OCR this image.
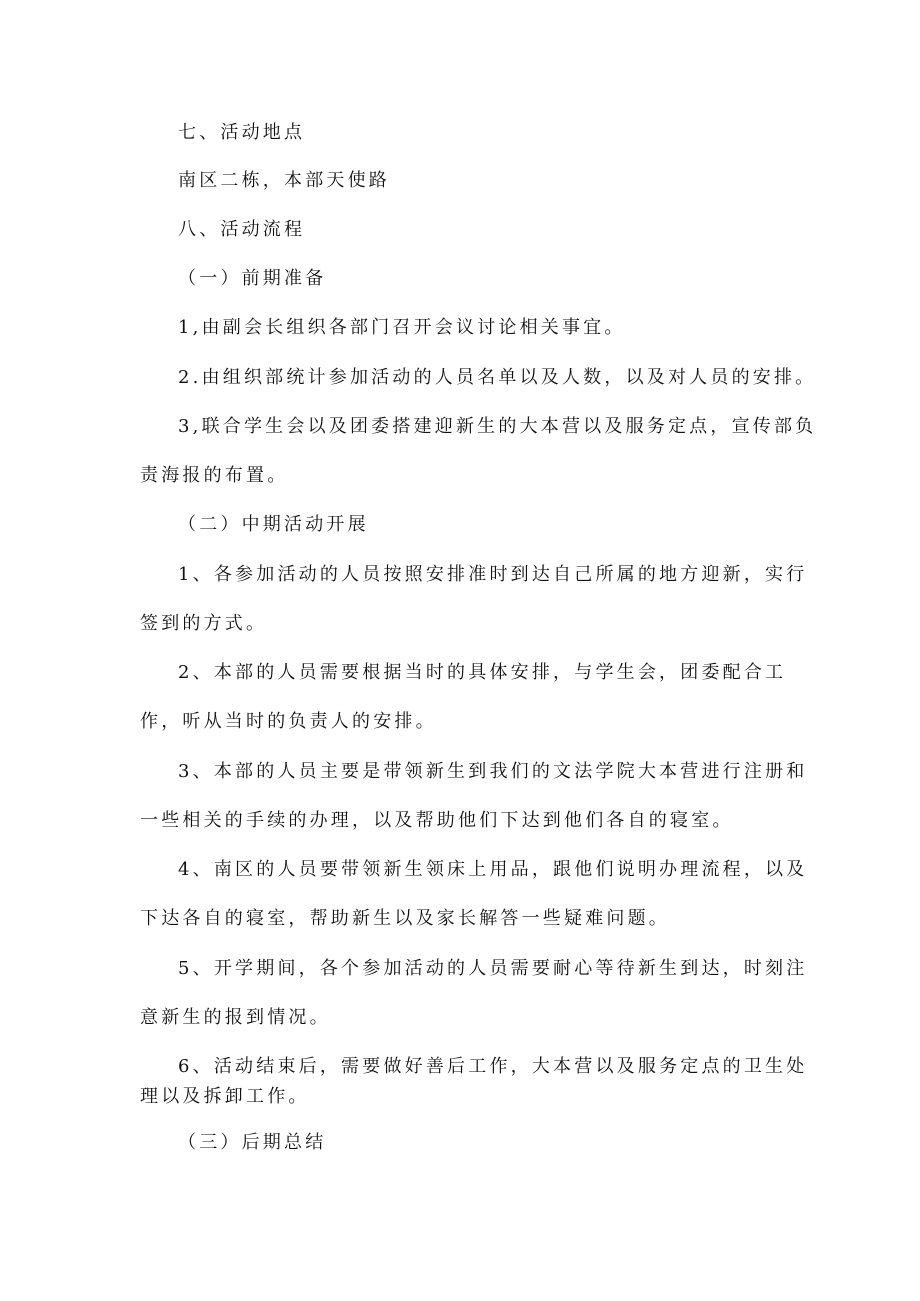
七、活动地点
南区二栋，本部天使路
八、活动流程
（一）前期准备
1,由副会长组织各部门召开会议讨论相关事宜。
2.由组织部统计参加活动的人员名单以及人数，以及对人员的安排。
3,联合学生会以及团委搭建迎新生的大本营以及服务定点，宣传部负
责海报的布置。
（二）中期活动开展
1、各参加活动的人员按照安排准时到达自己所属的地方迎新，实行
签到的方式。
2、本部的人员需要根据当时的具体安排，与学生会，团委配合工
作，听从当时的负责人的安排。
3、本部的人员主要是带领新生到我们的文法学院大本营进行注册和
一些相关的手续的办理，以及帮助他们下达到他们各自的寝室。
4、南区的人员要带领新生领床上用品，跟他们说明办理流程，以及
下达各自的寝室，帮助新生以及家长解答一些疑难问题。
5、开学期间，各个参加活动的人员需要耐心等待新生到达，时刻注
意新生的报到情况。
6、活动结束后，需要做好善后工作，大本营以及服务定点的卫生处
理以及拆卸工作。
（三）后期总结
